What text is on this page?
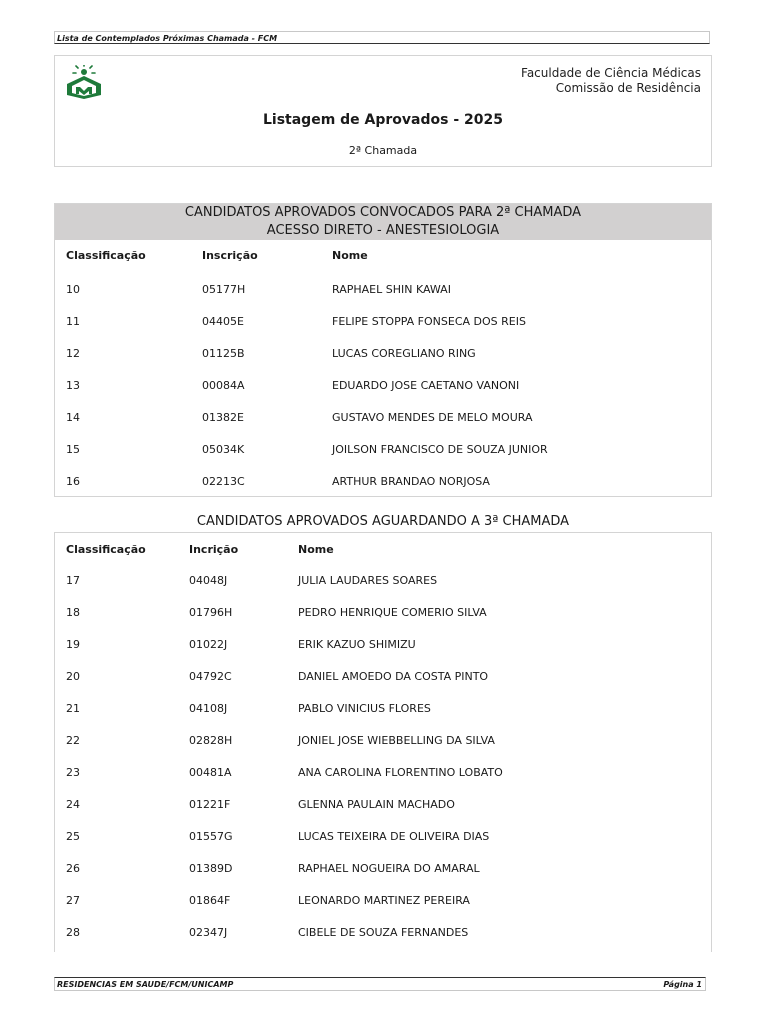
Lista de Contemplados Próximas Chamada - FCM
Faculdade de Ciência Médicas
Comissão de Residência
Listagem de Aprovados - 2025
2ª Chamada
CANDIDATOS APROVADOS CONVOCADOS PARA 2ª CHAMADA
ACESSO DIRETO - ANESTESIOLOGIA
Classificação	Inscrição	Nome
10	05177H	RAPHAEL SHIN KAWAI
11	04405E	FELIPE STOPPA FONSECA DOS REIS
12	01125B	LUCAS COREGLIANO RING
13	00084A	EDUARDO JOSE CAETANO VANONI
14	01382E	GUSTAVO MENDES DE MELO MOURA
15	05034K	JOILSON FRANCISCO DE SOUZA JUNIOR
16	02213C	ARTHUR BRANDAO NORJOSA
CANDIDATOS APROVADOS AGUARDANDO A 3ª CHAMADA
Classificação	Incrição	Nome
17	04048J	JULIA LAUDARES SOARES
18	01796H	PEDRO HENRIQUE COMERIO SILVA
19	01022J	ERIK KAZUO SHIMIZU
20	04792C	DANIEL AMOEDO DA COSTA PINTO
21	04108J	PABLO VINICIUS FLORES
22	02828H	JONIEL JOSE WIEBBELLING DA SILVA
23	00481A	ANA CAROLINA FLORENTINO LOBATO
24	01221F	GLENNA PAULAIN MACHADO
25	01557G	LUCAS TEIXEIRA DE OLIVEIRA DIAS
26	01389D	RAPHAEL NOGUEIRA DO AMARAL
27	01864F	LEONARDO MARTINEZ PEREIRA
28	02347J	CIBELE DE SOUZA FERNANDES
RESIDENCIAS EM SAUDE/FCM/UNICAMP	Página 1
